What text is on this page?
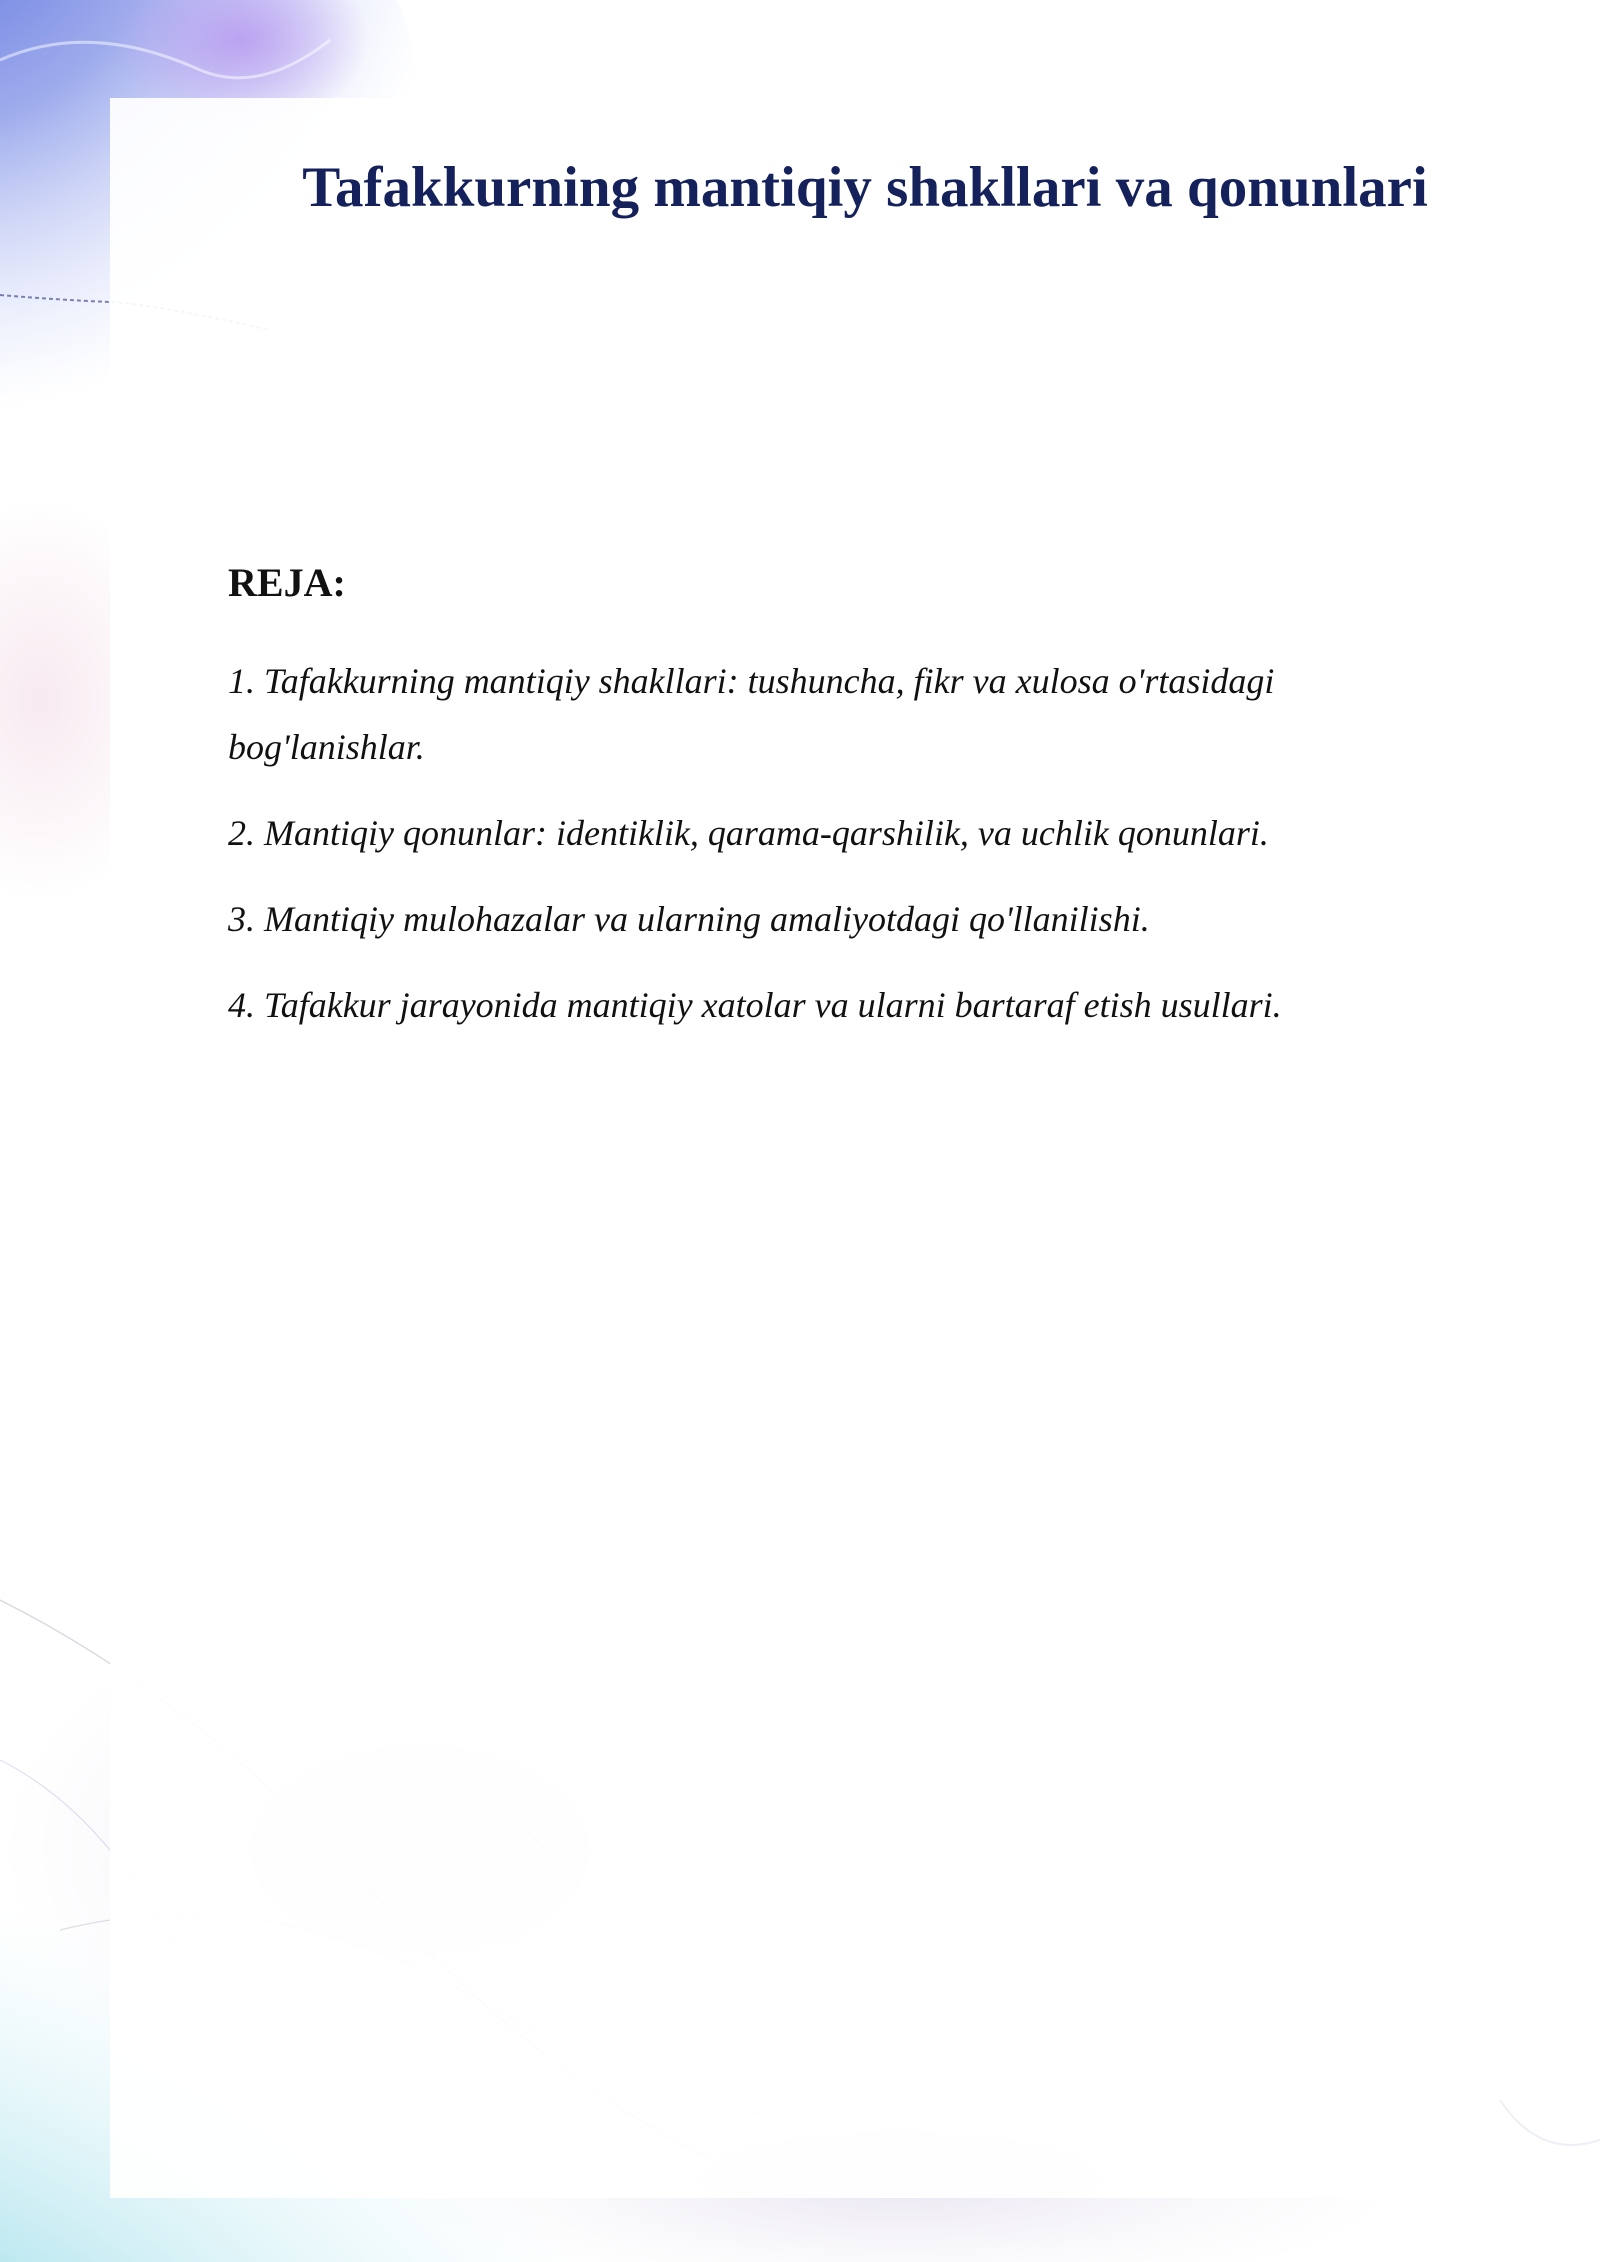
Tafakkurning mantiqiy shakllari va qonunlari
REJA:
1. Tafakkurning mantiqiy shakllari: tushuncha, fikr va xulosa o'rtasidagi bog'lanishlar.
2. Mantiqiy qonunlar: identiklik, qarama-qarshilik, va uchlik qonunlari.
3. Mantiqiy mulohazalar va ularning amaliyotdagi qo'llanilishi.
4. Tafakkur jarayonida mantiqiy xatolar va ularni bartaraf etish usullari.
